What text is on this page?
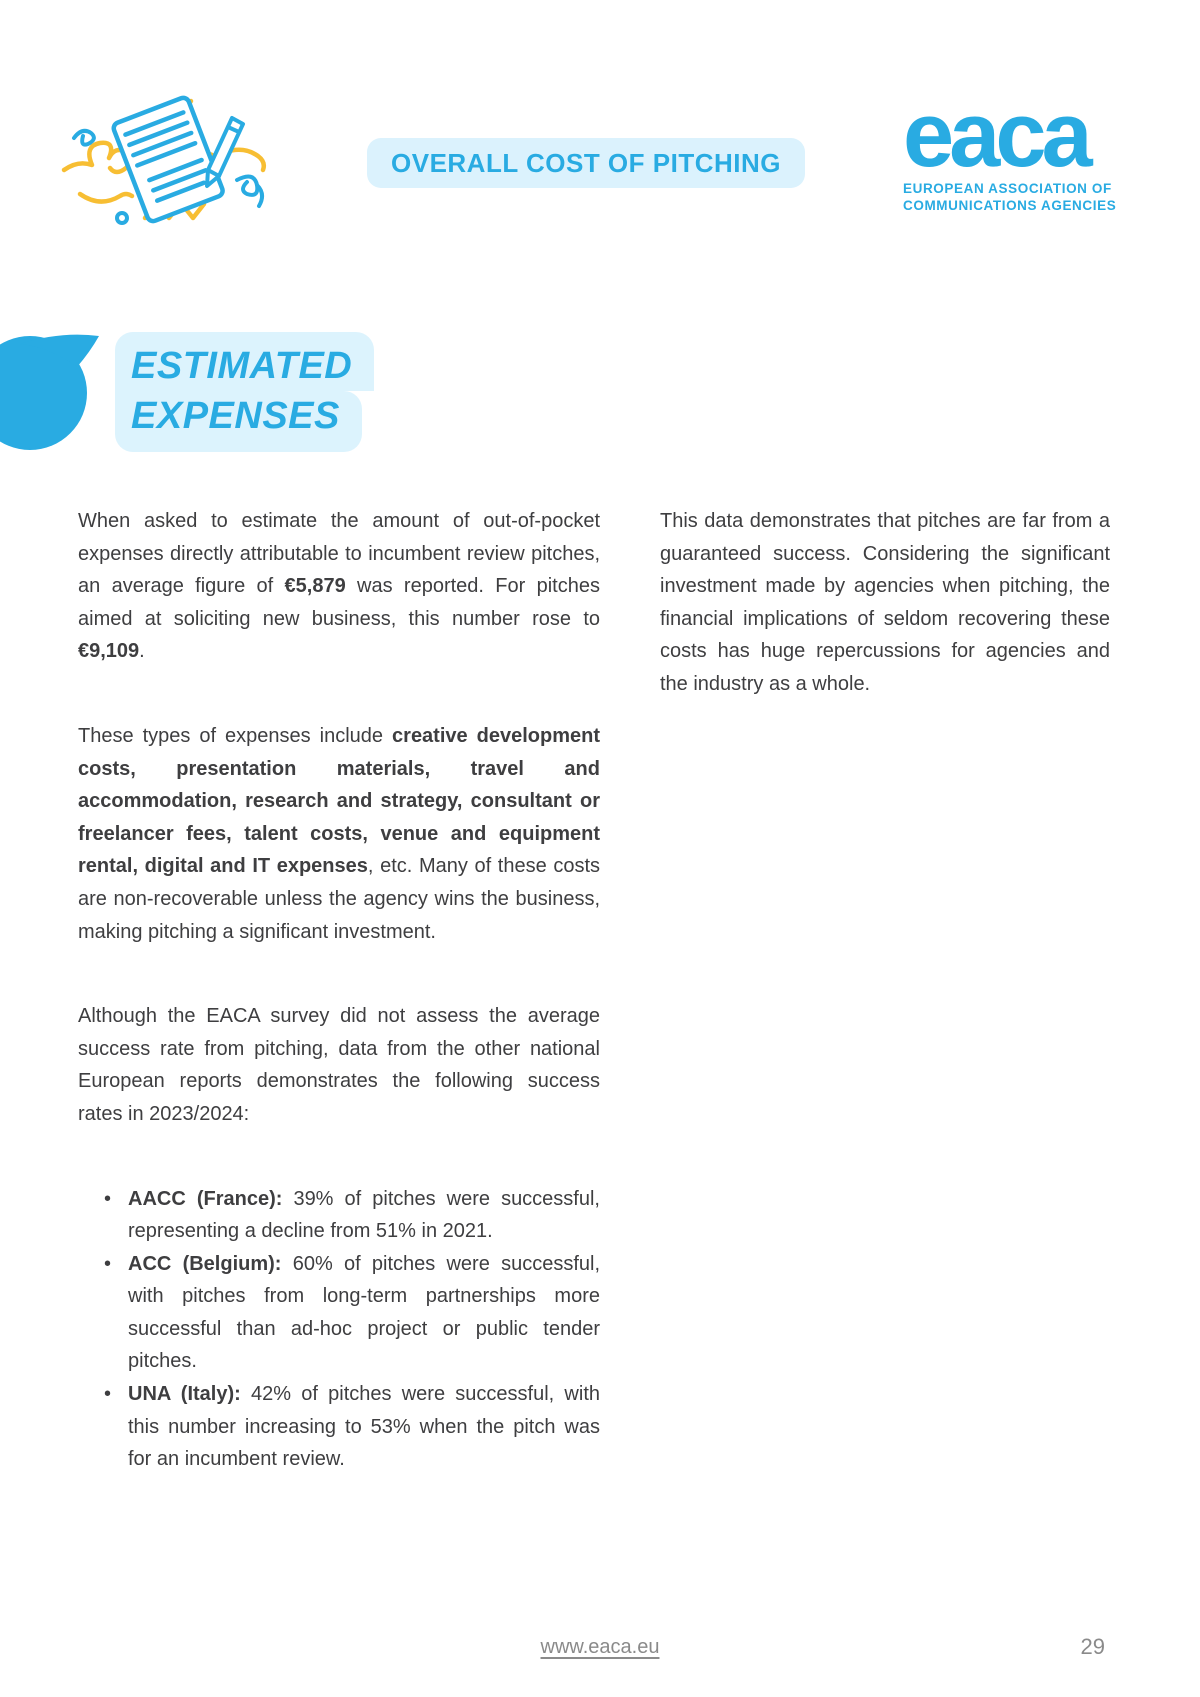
OVERALL COST OF PITCHING eaca
EUROPEAN ASSOCIATION OF
COMMUNICATIONS AGENCIES
ESTIMATED
EXPENSES

When asked to estimate the amount of out-of-pocket expenses directly attributable to incumbent review pitches, an average figure of €5,879 was reported. For pitches aimed at soliciting new business, this number rose to €9,109.

These types of expenses include creative development costs, presentation materials, travel and accommodation, research and strategy, consultant or freelancer fees, talent costs, venue and equipment rental, digital and IT expenses, etc. Many of these costs are non-recoverable unless the agency wins the business, making pitching a significant investment.

Although the EACA survey did not assess the average success rate from pitching, data from the other national European reports demonstrates the following success rates in 2023/2024:

• AACC (France): 39% of pitches were successful, representing a decline from 51% in 2021.
• ACC (Belgium): 60% of pitches were successful, with pitches from long-term partnerships more successful than ad-hoc project or public tender pitches.
• UNA (Italy): 42% of pitches were successful, with this number increasing to 53% when the pitch was for an incumbent review.

This data demonstrates that pitches are far from a guaranteed success. Considering the significant investment made by agencies when pitching, the financial implications of seldom recovering these costs has huge repercussions for agencies and the industry as a whole.

www.eaca.eu	29
